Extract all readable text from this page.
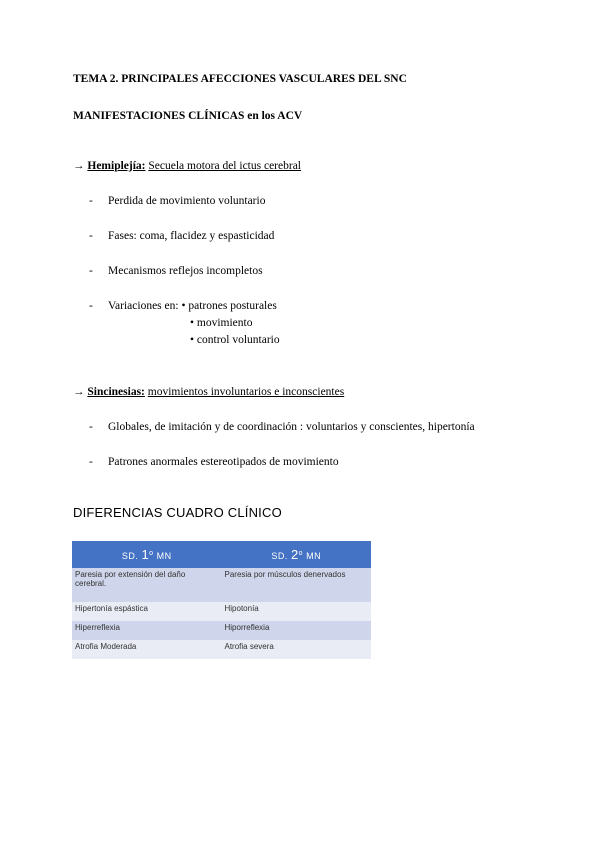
TEMA 2. PRINCIPALES AFECCIONES VASCULARES DEL SNC
MANIFESTACIONES CLÍNICAS en los ACV
→ Hemiplejía: Secuela motora del ictus cerebral
- Perdida de movimiento voluntario
- Fases: coma, flacidez y espasticidad
- Mecanismos reflejos incompletos
- Variaciones en: • patrones posturales
• movimiento
• control voluntario
→ Sincinesias: movimientos involuntarios e inconscientes
- Globales, de imitación y de coordinación : voluntarios y conscientes, hipertonía
- Patrones anormales estereotipados de movimiento
DIFERENCIAS CUADRO CLÍNICO
SD. 1$^o$ MN	SD. 2$^o$ MN
Paresia por extensión del daño cerebral.	Paresia por músculos denervados
Hipertonía espástica	Hipotonía
Hiperreflexia	Hiporreflexia
Atrofia Moderada	Atrofia severa
